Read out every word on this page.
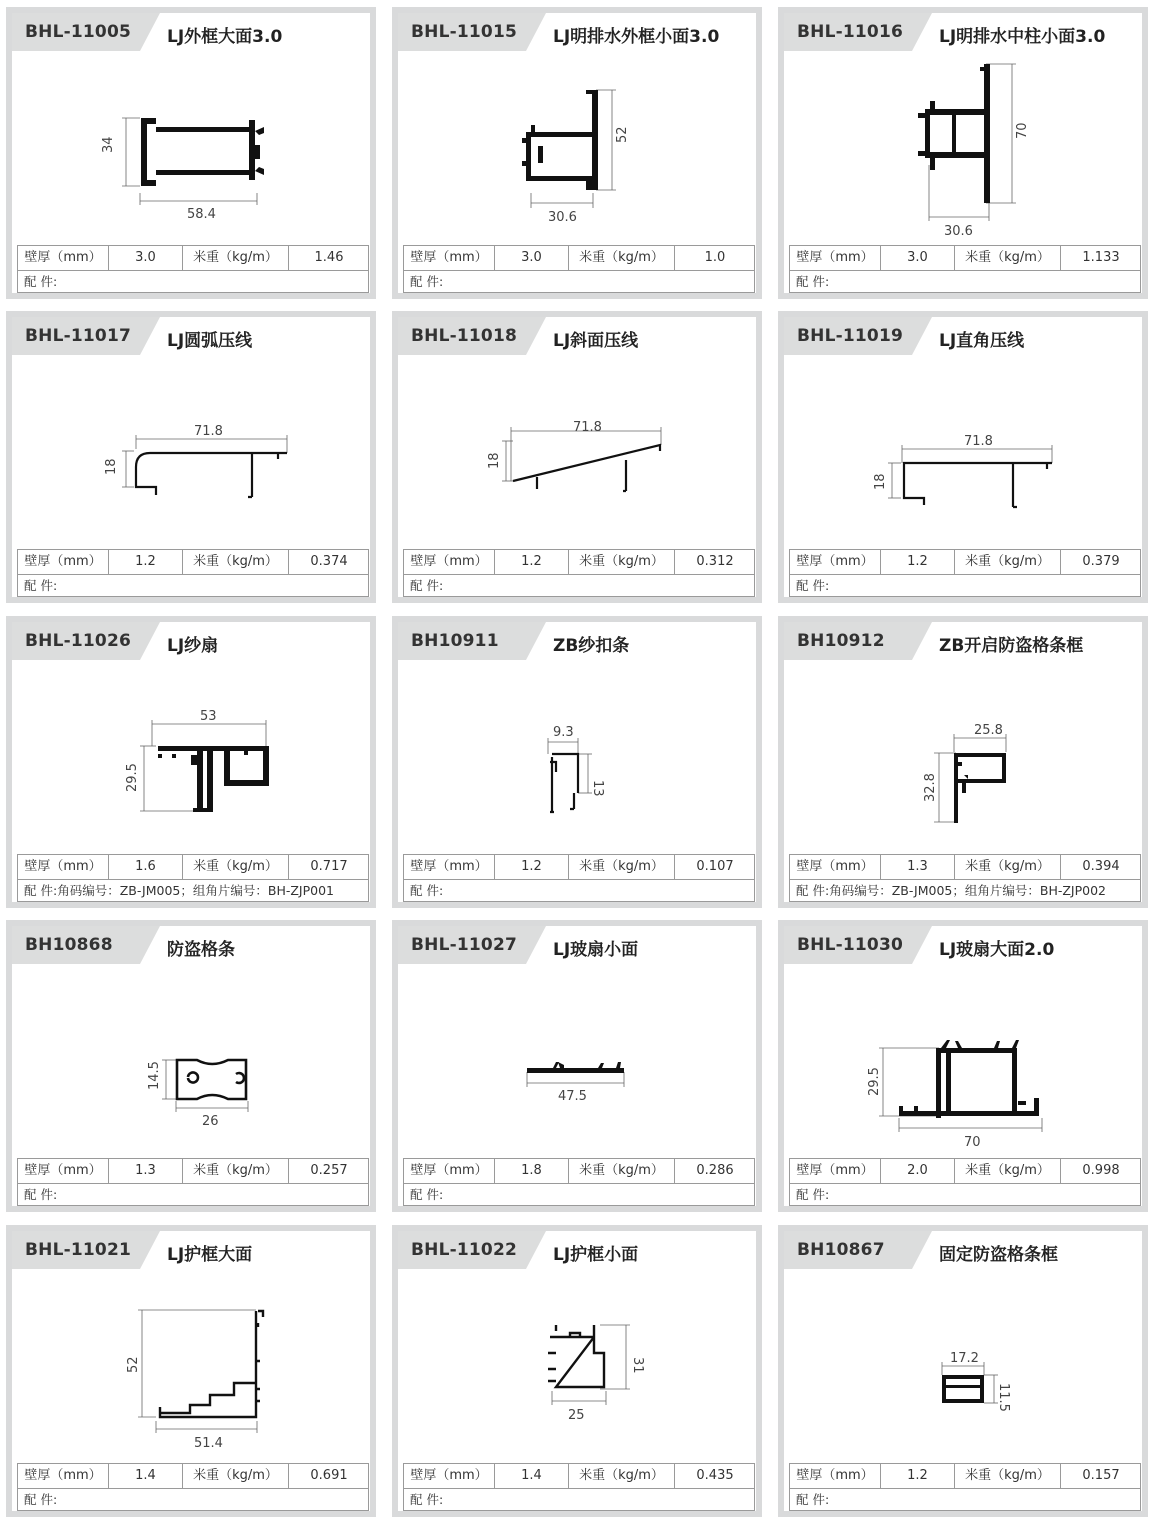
BHL-11005 LJ外框大面3.0
34
58.4
壁厚（mm）	3.0	米重（kg/m）	1.46
配 件:
BHL-11015 LJ明排水外框小面3.0
52
30.6
壁厚（mm）	3.0	米重（kg/m）	1.0
配 件:
BHL-11016 LJ明排水中柱小面3.0
70
30.6
壁厚（mm）	3.0	米重（kg/m）	1.133
配 件:
BHL-11017 LJ圆弧压线
71.8
18
壁厚（mm）	1.2	米重（kg/m）	0.374
配 件:
BHL-11018 LJ斜面压线
71.8
18
壁厚（mm）	1.2	米重（kg/m）	0.312
配 件:
BHL-11019 LJ直角压线
71.8
18
壁厚（mm）	1.2	米重（kg/m）	0.379
配 件:
BHL-11026 LJ纱扇
53
29.5
壁厚（mm）	1.6	米重（kg/m）	0.717
配 件:角码编号：ZB-JM005；组角片编号：BH-ZJP001
BH10911	ZB纱扣条
9.3
13
壁厚（mm）	1.2	米重（kg/m）	0.107
配 件:
BH10912	ZB开启防盗格条框
25.8
32.8
壁厚（mm）	1.3	米重（kg/m）	0.394
配 件:角码编号：ZB-JM005；组角片编号：BH-ZJP002
BH10868	防盗格条
14.5
26
壁厚（mm）	1.3	米重（kg/m）	0.257
配 件:
BHL-11027 LJ玻扇小面
47.5
壁厚（mm）	1.8	米重（kg/m）	0.286
配 件:
BHL-11030 LJ玻扇大面2.0
29.5
70
壁厚（mm）	2.0	米重（kg/m）	0.998
配 件:
BHL-11021 LJ护框大面
52
51.4
壁厚（mm）	1.4	米重（kg/m）	0.691
配 件:
BHL-11022 LJ护框小面
31
25
壁厚（mm）	1.4	米重（kg/m）	0.435
配 件:
BH10867	固定防盗格条框
17.2
11.5
壁厚（mm）	1.2	米重（kg/m）	0.157
配 件:
